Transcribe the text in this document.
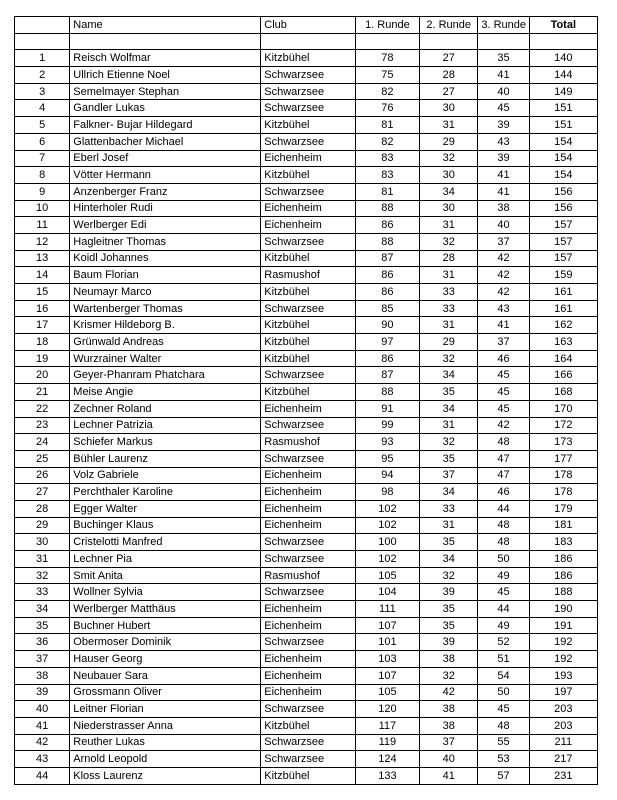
	Name	Club	1. Runde	2. Runde	3. Runde	Total

1	Reisch Wolfmar	Kitzbühel	78	27	35	140
2	Ullrich Etienne Noel	Schwarzsee	75	28	41	144
3	Semelmayer Stephan	Schwarzsee	82	27	40	149
4	Gandler Lukas	Schwarzsee	76	30	45	151
5	Falkner- Bujar Hildegard	Kitzbühel	81	31	39	151
6	Glattenbacher Michael	Schwarzsee	82	29	43	154
7	Eberl Josef	Eichenheim	83	32	39	154
8	Vötter Hermann	Kitzbühel	83	30	41	154
9	Anzenberger Franz	Schwarzsee	81	34	41	156
10	Hinterholer Rudi	Eichenheim	88	30	38	156
11	Werlberger Edi	Eichenheim	86	31	40	157
12	Hagleitner Thomas	Schwarzsee	88	32	37	157
13	Koidl Johannes	Kitzbühel	87	28	42	157
14	Baum Florian	Rasmushof	86	31	42	159
15	Neumayr Marco	Kitzbühel	86	33	42	161
16	Wartenberger Thomas	Schwarzsee	85	33	43	161
17	Krismer Hildeborg B.	Kitzbühel	90	31	41	162
18	Grünwald Andreas	Kitzbühel	97	29	37	163
19	Wurzrainer Walter	Kitzbühel	86	32	46	164
20	Geyer-Phanram Phatchara	Schwarzsee	87	34	45	166
21	Meise Angie	Kitzbühel	88	35	45	168
22	Zechner Roland	Eichenheim	91	34	45	170
23	Lechner Patrizia	Schwarzsee	99	31	42	172
24	Schiefer Markus	Rasmushof	93	32	48	173
25	Bühler Laurenz	Schwarzsee	95	35	47	177
26	Volz Gabriele	Eichenheim	94	37	47	178
27	Perchthaler Karoline	Eichenheim	98	34	46	178
28	Egger Walter	Eichenheim	102	33	44	179
29	Buchinger Klaus	Eichenheim	102	31	48	181
30	Cristelotti Manfred	Schwarzsee	100	35	48	183
31	Lechner Pia	Schwarzsee	102	34	50	186
32	Smit Anita	Rasmushof	105	32	49	186
33	Wollner Sylvia	Schwarzsee	104	39	45	188
34	Werlberger Matthäus	Eichenheim	111	35	44	190
35	Buchner Hubert	Eichenheim	107	35	49	191
36	Obermoser Dominik	Schwarzsee	101	39	52	192
37	Hauser Georg	Eichenheim	103	38	51	192
38	Neubauer Sara	Eichenheim	107	32	54	193
39	Grossmann Oliver	Eichenheim	105	42	50	197
40	Leitner Florian	Schwarzsee	120	38	45	203
41	Niederstrasser Anna	Kitzbühel	117	38	48	203
42	Reuther Lukas	Schwarzsee	119	37	55	211
43	Arnold Leopold	Schwarzsee	124	40	53	217
44	Kloss Laurenz	Kitzbühel	133	41	57	231
